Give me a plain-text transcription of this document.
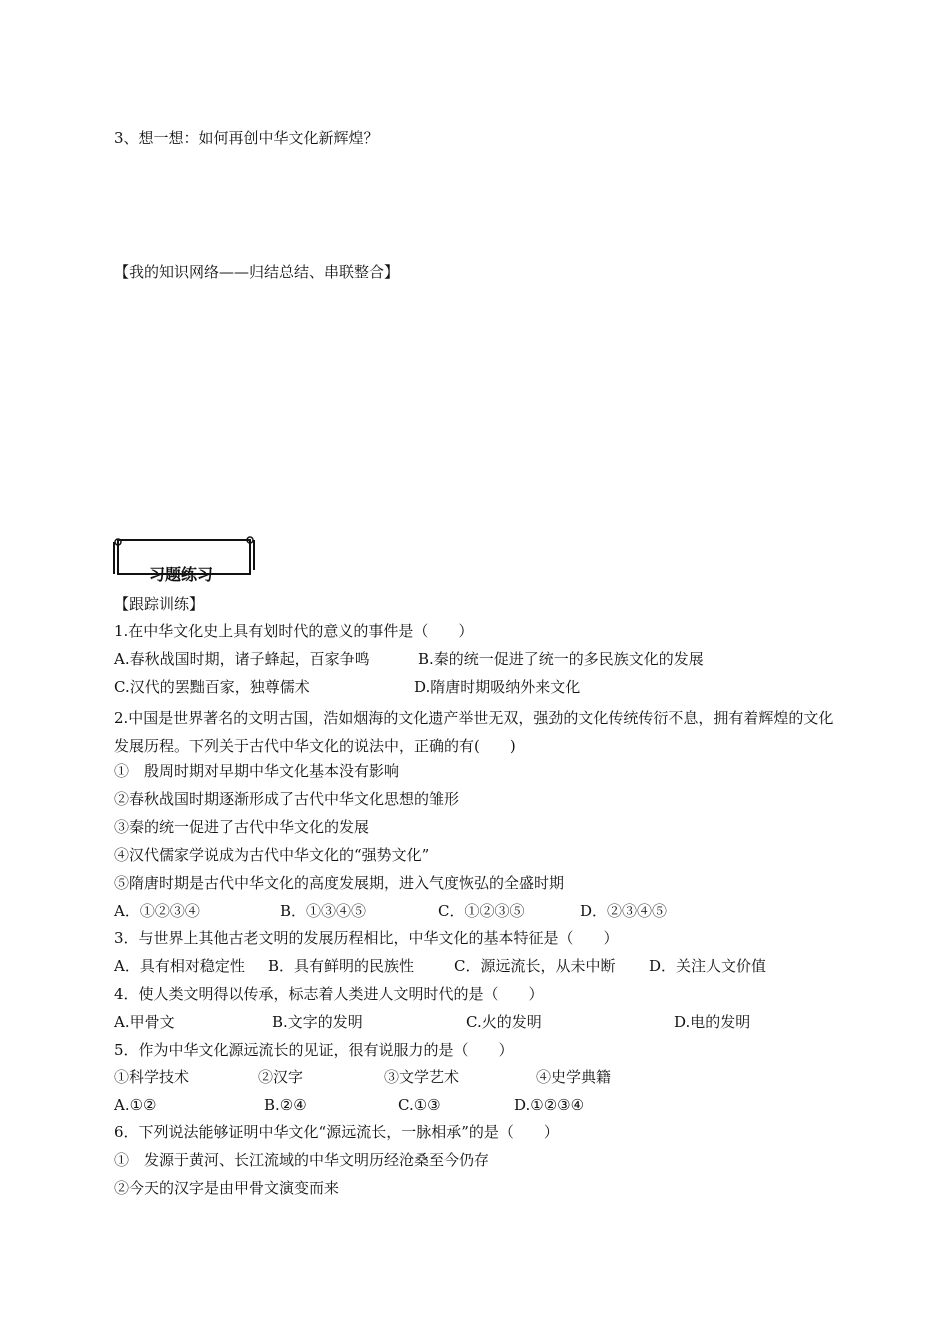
3、想一想：如何再创中华文化新辉煌？
【我的知识网络——归结总结、串联整合】
习题练习
【跟踪训练】
1.在中华文化史上具有划时代的意义的事件是（　　）
A.春秋战国时期，诸子蜂起，百家争鸣	B.秦的统一促进了统一的多民族文化的发展
C.汉代的罢黜百家，独尊儒术	D.隋唐时期吸纳外来文化
2.中国是世界著名的文明古国，浩如烟海的文化遗产举世无双，强劲的文化传统传衍不息，拥有着辉煌的文化发展历程。下列关于古代中华文化的说法中，正确的有(　　)
①　殷周时期对早期中华文化基本没有影响
②春秋战国时期逐渐形成了古代中华文化思想的雏形
③秦的统一促进了古代中华文化的发展
④汉代儒家学说成为古代中华文化的“强势文化”
⑤隋唐时期是古代中华文化的高度发展期，进入气度恢弘的全盛时期
A．①②③④	B．①③④⑤	C．①②③⑤	D．②③④⑤
3．与世界上其他古老文明的发展历程相比，中华文化的基本特征是（　　）
A．具有相对稳定性 B．具有鲜明的民族性	C．源远流长，从未中断 D．关注人文价值
4．使人类文明得以传承，标志着人类进人文明时代的是（　　）
A.甲骨文	B.文字的发明	C.火的发明	D.电的发明
5．作为中华文化源远流长的见证，很有说服力的是（　　）
①科学技术	②汉字	③文学艺术	④史学典籍
A.①②	B.②④	C.①③	D.①②③④
6．下列说法能够证明中华文化“源远流长，一脉相承”的是（　　）
①　发源于黄河、长江流域的中华文明历经沧桑至今仍存
②今天的汉字是由甲骨文演变而来
